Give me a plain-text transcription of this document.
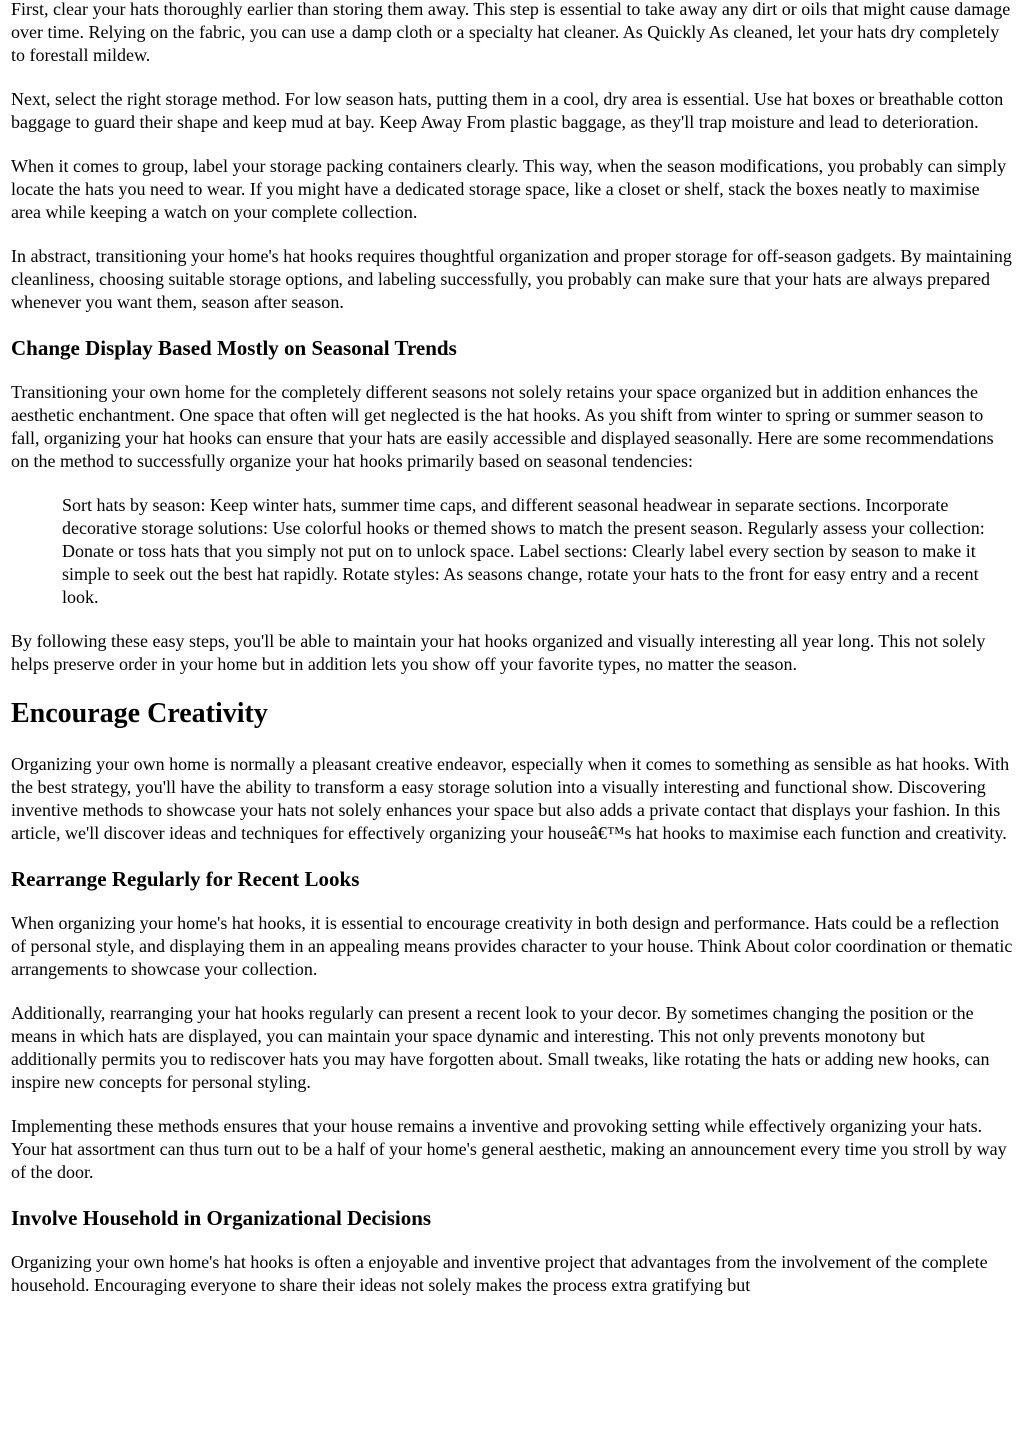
First, clear your hats thoroughly earlier than storing them away. This step is essential to take away any dirt or oils that might cause damage over time. Relying on the fabric, you can use a damp cloth or a specialty hat cleaner. As Quickly As cleaned, let your hats dry completely to forestall mildew.

Next, select the right storage method. For low season hats, putting them in a cool, dry area is essential. Use hat boxes or breathable cotton baggage to guard their shape and keep mud at bay. Keep Away From plastic baggage, as they'll trap moisture and lead to deterioration.

When it comes to group, label your storage packing containers clearly. This way, when the season modifications, you probably can simply locate the hats you need to wear. If you might have a dedicated storage space, like a closet or shelf, stack the boxes neatly to maximise area while keeping a watch on your complete collection.

In abstract, transitioning your home's hat hooks requires thoughtful organization and proper storage for off-season gadgets. By maintaining cleanliness, choosing suitable storage options, and labeling successfully, you probably can make sure that your hats are always prepared whenever you want them, season after season.

Change Display Based Mostly on Seasonal Trends

Transitioning your own home for the completely different seasons not solely retains your space organized but in addition enhances the aesthetic enchantment. One space that often will get neglected is the hat hooks. As you shift from winter to spring or summer season to fall, organizing your hat hooks can ensure that your hats are easily accessible and displayed seasonally. Here are some recommendations on the method to successfully organize your hat hooks primarily based on seasonal tendencies:

Sort hats by season: Keep winter hats, summer time caps, and different seasonal headwear in separate sections. Incorporate decorative storage solutions: Use colorful hooks or themed shows to match the present season. Regularly assess your collection: Donate or toss hats that you simply not put on to unlock space. Label sections: Clearly label every section by season to make it simple to seek out the best hat rapidly. Rotate styles: As seasons change, rotate your hats to the front for easy entry and a recent look.

By following these easy steps, you'll be able to maintain your hat hooks organized and visually interesting all year long. This not solely helps preserve order in your home but in addition lets you show off your favorite types, no matter the season.

Encourage Creativity

Organizing your own home is normally a pleasant creative endeavor, especially when it comes to something as sensible as hat hooks. With the best strategy, you'll have the ability to transform a easy storage solution into a visually interesting and functional show. Discovering inventive methods to showcase your hats not solely enhances your space but also adds a private contact that displays your fashion. In this article, we'll discover ideas and techniques for effectively organizing your houseâ€™s hat hooks to maximise each function and creativity.

Rearrange Regularly for Recent Looks

When organizing your home's hat hooks, it is essential to encourage creativity in both design and performance. Hats could be a reflection of personal style, and displaying them in an appealing means provides character to your house. Think About color coordination or thematic arrangements to showcase your collection.

Additionally, rearranging your hat hooks regularly can present a recent look to your decor. By sometimes changing the position or the means in which hats are displayed, you can maintain your space dynamic and interesting. This not only prevents monotony but additionally permits you to rediscover hats you may have forgotten about. Small tweaks, like rotating the hats or adding new hooks, can inspire new concepts for personal styling.

Implementing these methods ensures that your house remains a inventive and provoking setting while effectively organizing your hats. Your hat assortment can thus turn out to be a half of your home's general aesthetic, making an announcement every time you stroll by way of the door.

Involve Household in Organizational Decisions

Organizing your own home's hat hooks is often a enjoyable and inventive project that advantages from the involvement of the complete household. Encouraging everyone to share their ideas not solely makes the process extra gratifying but
